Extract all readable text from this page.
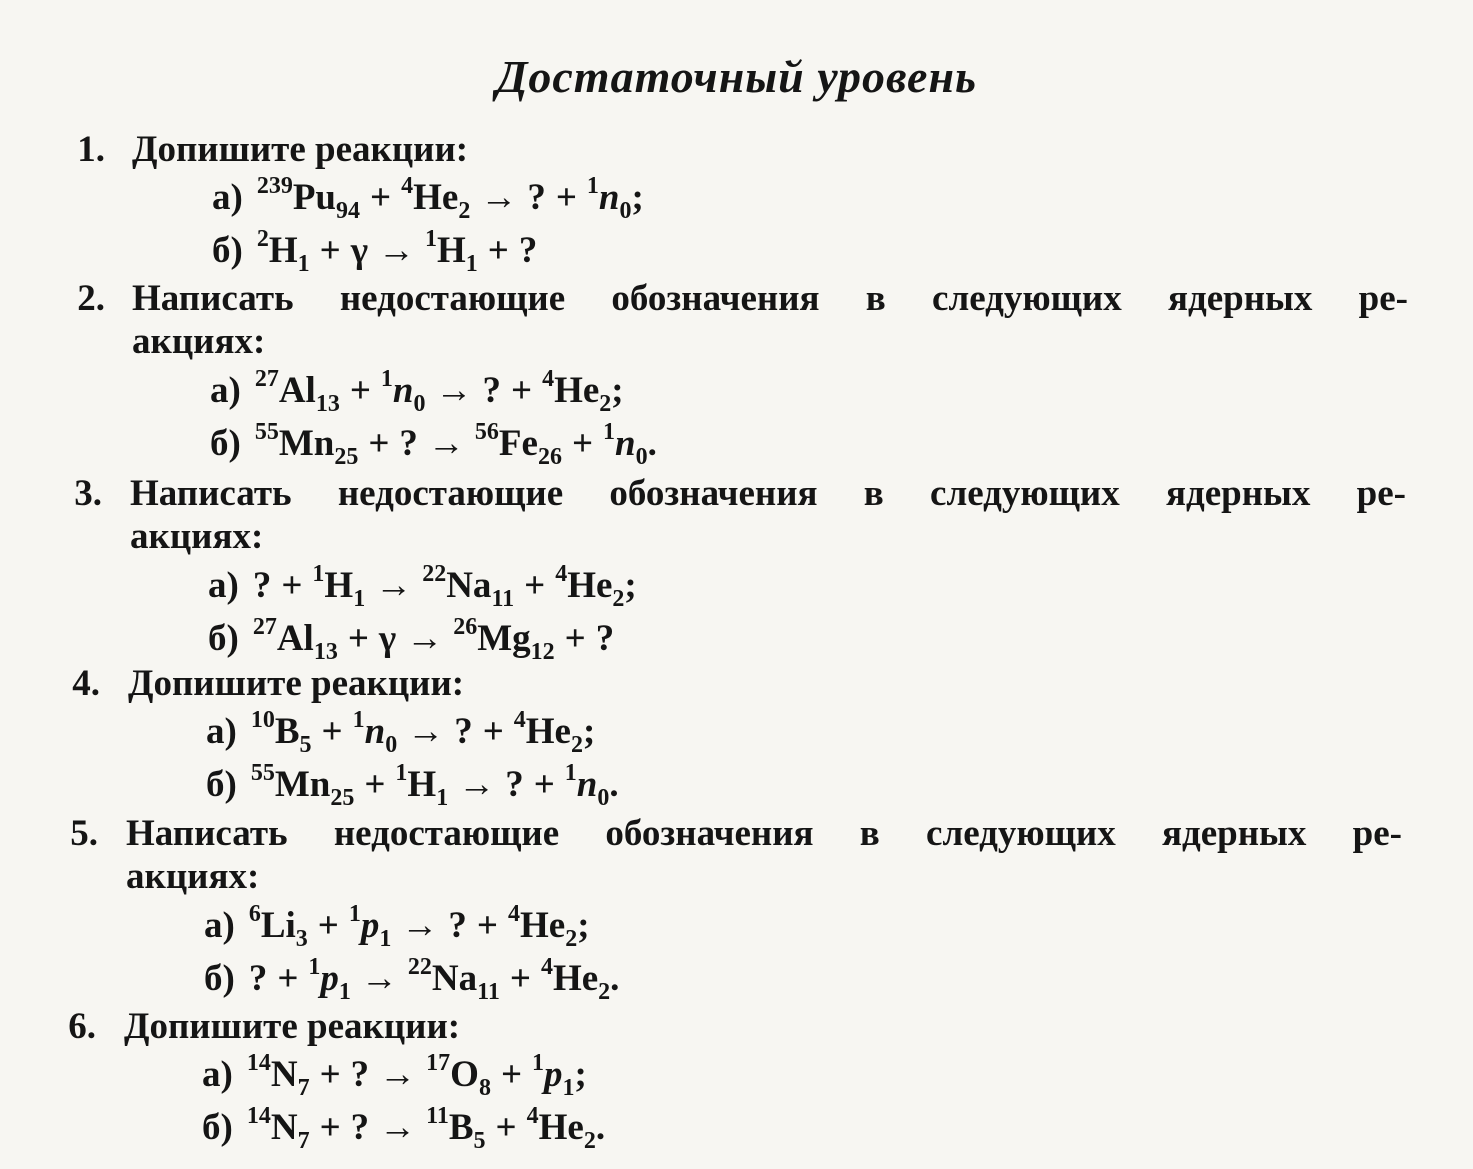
Достаточный уровень
1. Допишите реакции:
а) $^{239}Pu_{94} + ^4He_2$ → ? + $^1n_0$;
б) $^2H_1 + \gamma \to ^1H_1$ + ?
2. Написать недостающие обозначения в следующих ядерных ре-
акциях:
а) $^{27}Al_{13} + ^1n_0$ → ? + $^4He_2$;
б) $^{55}Mn_{25}$ + ? → $^{56}Fe_{26} + ^1n_0$.
3. Написать недостающие обозначения в следующих ядерных ре-
акциях:
а) ? + $^1H_1 \to ^{22}Na_{11} + ^4He_2$;
б) $^{27}Al_{13} + \gamma \to ^{26}Mg_{12}$ + ?
4. Допишите реакции:
а) $^{10}B_5 + ^1n_0$ → ? + $^4He_2$;
б) $^{55}Mn_{25} + ^1H_1$ → ? + $^1n_0$.
5. Написать недостающие обозначения в следующих ядерных ре-
акциях:
а) $^6Li_3 + ^1p_1$ → ? + $^4He_2$;
б) ? + $^1p_1 \to ^{22}Na_{11} + ^4He_2$.
6. Допишите реакции:
а) $^{14}N_7$ + ? → $^{17}O_8 + ^1p_1$;
б) $^{14}N_7$ + ? → $^{11}B_5 + ^4He_2$.
